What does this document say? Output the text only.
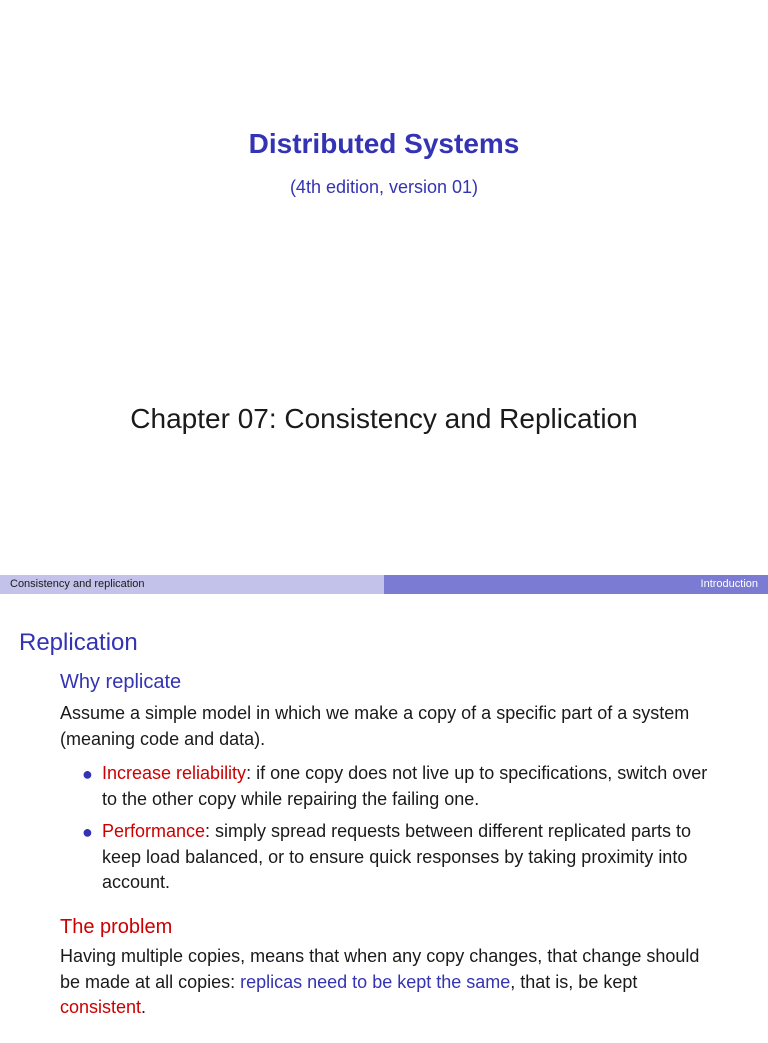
Distributed Systems
(4th edition, version 01)
Chapter 07: Consistency and Replication
Consistency and replication	Introduction
Replication
Why replicate
Assume a simple model in which we make a copy of a specific part of a system (meaning code and data).
● Increase reliability: if one copy does not live up to specifications, switch over to the other copy while repairing the failing one.
● Performance: simply spread requests between different replicated parts to keep load balanced, or to ensure quick responses by taking proximity into account.
The problem
Having multiple copies, means that when any copy changes, that change should be made at all copies: replicas need to be kept the same, that is, be kept consistent.
